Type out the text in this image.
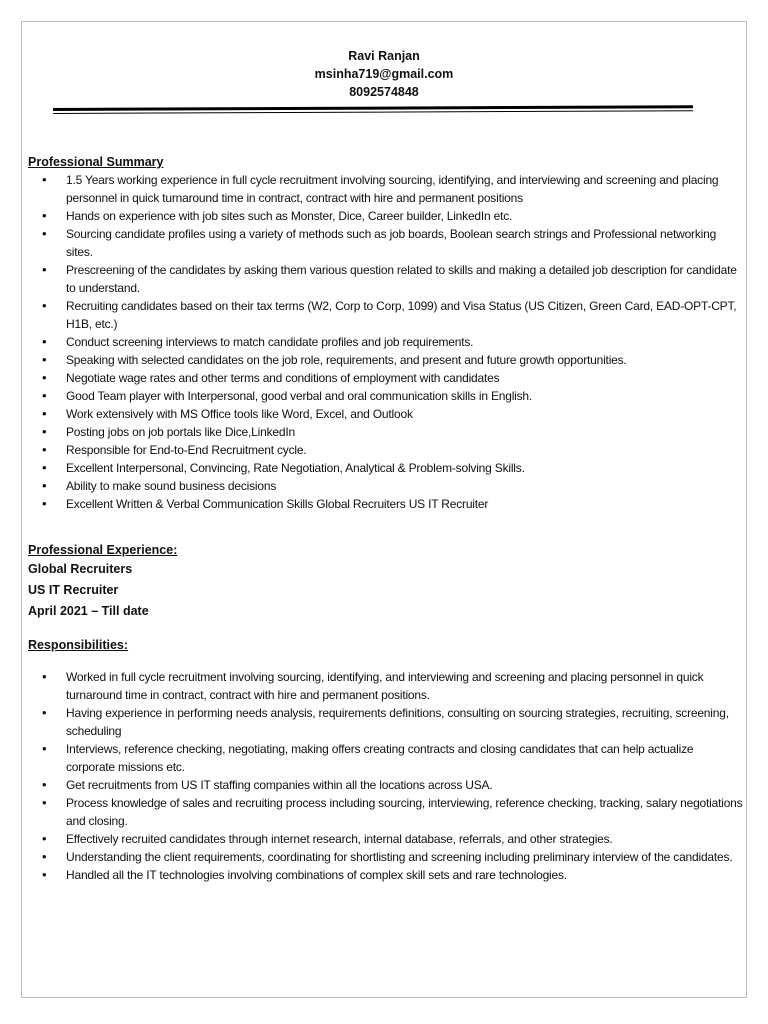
Ravi Ranjan
msinha719@gmail.com
8092574848
Professional Summary
• 1.5 Years working experience in full cycle recruitment involving sourcing, identifying, and interviewing and screening and placing personnel in quick turnaround time in contract, contract with hire and permanent positions
• Hands on experience with job sites such as Monster, Dice, Career builder, LinkedIn etc.
• Sourcing candidate profiles using a variety of methods such as job boards, Boolean search strings and Professional networking sites.
• Prescreening of the candidates by asking them various question related to skills and making a detailed job description for candidate to understand.
• Recruiting candidates based on their tax terms (W2, Corp to Corp, 1099) and Visa Status (US Citizen, Green Card, EAD-OPT-CPT, H1B, etc.)
• Conduct screening interviews to match candidate profiles and job requirements.
• Speaking with selected candidates on the job role, requirements, and present and future growth opportunities.
• Negotiate wage rates and other terms and conditions of employment with candidates
• Good Team player with Interpersonal, good verbal and oral communication skills in English.
• Work extensively with MS Office tools like Word, Excel, and Outlook
• Posting jobs on job portals like Dice,LinkedIn
• Responsible for End-to-End Recruitment cycle.
• Excellent Interpersonal, Convincing, Rate Negotiation, Analytical & Problem-solving Skills.
• Ability to make sound business decisions
• Excellent Written & Verbal Communication Skills Global Recruiters US IT Recruiter
Professional Experience:
Global Recruiters
US IT Recruiter
April 2021 – Till date
Responsibilities:
• Worked in full cycle recruitment involving sourcing, identifying, and interviewing and screening and placing personnel in quick turnaround time in contract, contract with hire and permanent positions.
• Having experience in performing needs analysis, requirements definitions, consulting on sourcing strategies, recruiting, screening, scheduling
• Interviews, reference checking, negotiating, making offers creating contracts and closing candidates that can help actualize corporate missions etc.
• Get recruitments from US IT staffing companies within all the locations across USA.
• Process knowledge of sales and recruiting process including sourcing, interviewing, reference checking, tracking, salary negotiations and closing.
• Effectively recruited candidates through internet research, internal database, referrals, and other strategies.
• Understanding the client requirements, coordinating for shortlisting and screening including preliminary interview of the candidates.
• Handled all the IT technologies involving combinations of complex skill sets and rare technologies.
